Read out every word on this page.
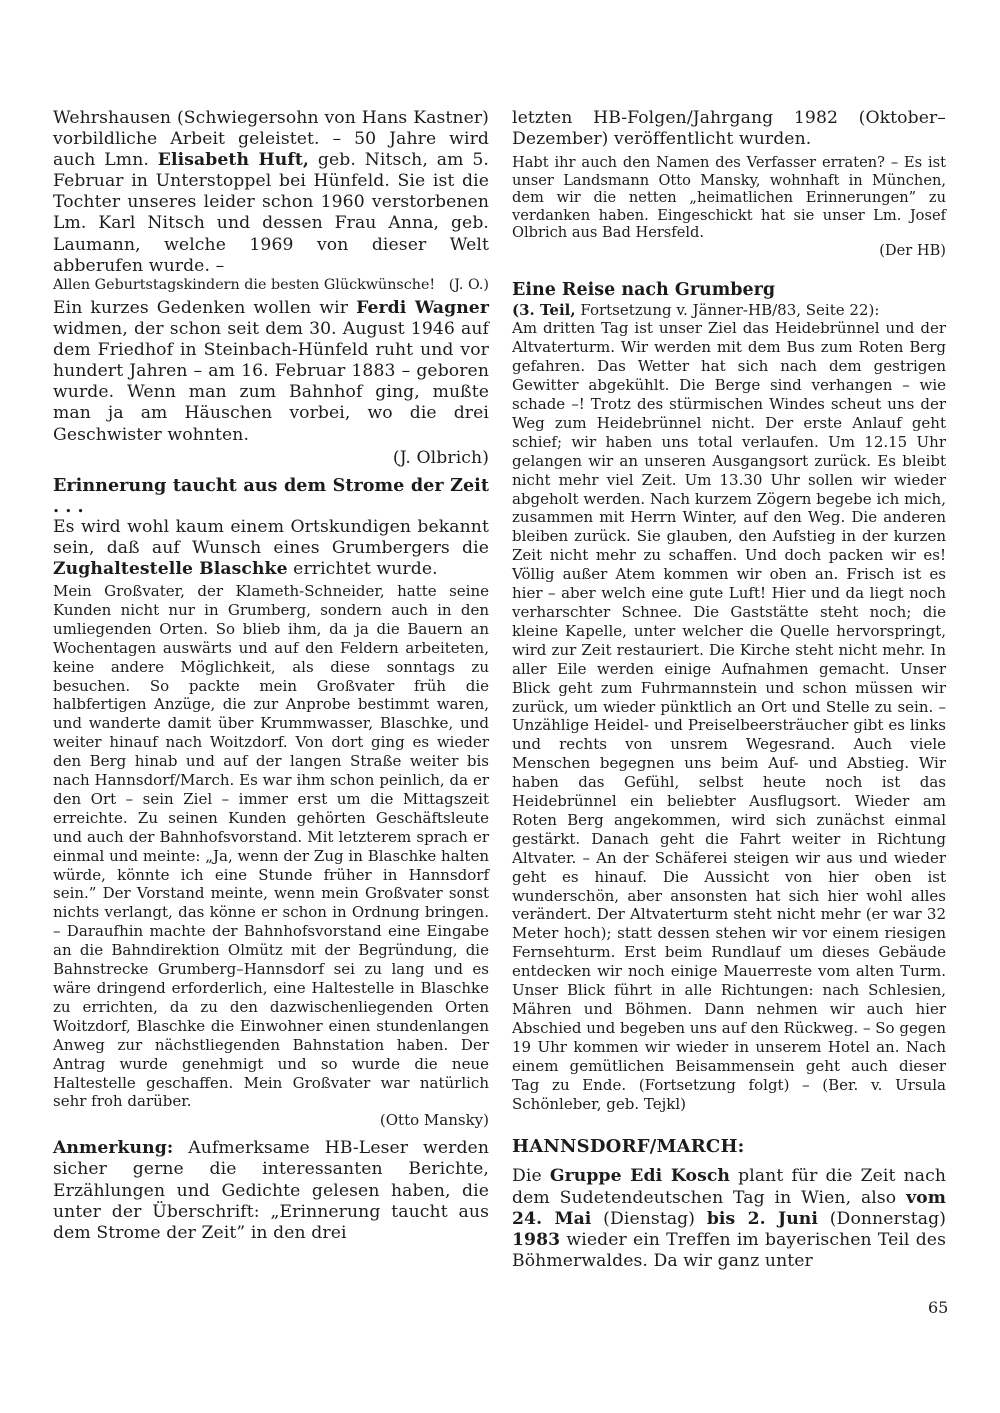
Wehrshausen (Schwiegersohn von Hans Kastner) vorbildliche Arbeit geleistet. – 50 Jahre wird auch Lmn. Elisabeth Huft, geb. Nitsch, am 5. Februar in Unterstoppel bei Hünfeld. Sie ist die Tochter unseres leider schon 1960 verstorbenen Lm. Karl Nitsch und dessen Frau Anna, geb. Laumann, welche 1969 von dieser Welt abberufen wurde. –

Allen Geburtstagskindern die besten Glückwünsche! (J. O.)

Ein kurzes Gedenken wollen wir Ferdi Wagner widmen, der schon seit dem 30. August 1946 auf dem Friedhof in Steinbach-Hünfeld ruht und vor hundert Jahren – am 16. Februar 1883 – geboren wurde. Wenn man zum Bahnhof ging, mußte man ja am Häuschen vorbei, wo die drei Geschwister wohnten.

(J. Olbrich)

Erinnerung taucht aus dem Strome der Zeit . . .

Es wird wohl kaum einem Ortskundigen bekannt sein, daß auf Wunsch eines Grumbergers die Zughaltestelle Blaschke errichtet wurde.

Mein Großvater, der Klameth-Schneider, hatte seine Kunden nicht nur in Grumberg, sondern auch in den umliegenden Orten. So blieb ihm, da ja die Bauern an Wochentagen auswärts und auf den Feldern arbeiteten, keine andere Möglichkeit, als diese sonntags zu besuchen. So packte mein Großvater früh die halbfertigen Anzüge, die zur Anprobe bestimmt waren, und wanderte damit über Krummwasser, Blaschke, und weiter hinauf nach Woitzdorf. Von dort ging es wieder den Berg hinab und auf der langen Straße weiter bis nach Hannsdorf/March. Es war ihm schon peinlich, da er den Ort – sein Ziel – immer erst um die Mittagszeit erreichte. Zu seinen Kunden gehörten Geschäftsleute und auch der Bahnhofsvorstand. Mit letzterem sprach er einmal und meinte: „Ja, wenn der Zug in Blaschke halten würde, könnte ich eine Stunde früher in Hannsdorf sein.” Der Vorstand meinte, wenn mein Großvater sonst nichts verlangt, das könne er schon in Ordnung bringen. – Daraufhin machte der Bahnhofsvorstand eine Eingabe an die Bahndirektion Olmütz mit der Begründung, die Bahnstrecke Grumberg–Hannsdorf sei zu lang und es wäre dringend erforderlich, eine Haltestelle in Blaschke zu errichten, da zu den dazwischenliegenden Orten Woitzdorf, Blaschke die Einwohner einen stundenlangen Anweg zur nächstliegenden Bahnstation haben. Der Antrag wurde genehmigt und so wurde die neue Haltestelle geschaffen. Mein Großvater war natürlich sehr froh darüber.

(Otto Mansky)

Anmerkung: Aufmerksame HB-Leser werden sicher gerne die interessanten Berichte, Erzählungen und Gedichte gelesen haben, die unter der Überschrift: „Erinnerung taucht aus dem Strome der Zeit” in den drei

letzten HB-Folgen/Jahrgang 1982 (Oktober–Dezember) veröffentlicht wurden.

Habt ihr auch den Namen des Verfasser erraten? – Es ist unser Landsmann Otto Mansky, wohnhaft in München, dem wir die netten „heimatlichen Erinnerungen” zu verdanken haben. Eingeschickt hat sie unser Lm. Josef Olbrich aus Bad Hersfeld.

(Der HB)

Eine Reise nach Grumberg

(3. Teil, Fortsetzung v. Jänner-HB/83, Seite 22):

Am dritten Tag ist unser Ziel das Heidebrünnel und der Altvaterturm. Wir werden mit dem Bus zum Roten Berg gefahren. Das Wetter hat sich nach dem gestrigen Gewitter abgekühlt. Die Berge sind verhangen – wie schade –! Trotz des stürmischen Windes scheut uns der Weg zum Heidebrünnel nicht. Der erste Anlauf geht schief; wir haben uns total verlaufen. Um 12.15 Uhr gelangen wir an unseren Ausgangsort zurück. Es bleibt nicht mehr viel Zeit. Um 13.30 Uhr sollen wir wieder abgeholt werden. Nach kurzem Zögern begebe ich mich, zusammen mit Herrn Winter, auf den Weg. Die anderen bleiben zurück. Sie glauben, den Aufstieg in der kurzen Zeit nicht mehr zu schaffen. Und doch packen wir es! Völlig außer Atem kommen wir oben an. Frisch ist es hier – aber welch eine gute Luft! Hier und da liegt noch verharschter Schnee. Die Gaststätte steht noch; die kleine Kapelle, unter welcher die Quelle hervorspringt, wird zur Zeit restauriert. Die Kirche steht nicht mehr. In aller Eile werden einige Aufnahmen gemacht. Unser Blick geht zum Fuhrmannstein und schon müssen wir zurück, um wieder pünktlich an Ort und Stelle zu sein. – Unzählige Heidel- und Preiselbeersträucher gibt es links und rechts von unsrem Wegesrand. Auch viele Menschen begegnen uns beim Auf- und Abstieg. Wir haben das Gefühl, selbst heute noch ist das Heidebrünnel ein beliebter Ausflugsort. Wieder am Roten Berg angekommen, wird sich zunächst einmal gestärkt. Danach geht die Fahrt weiter in Richtung Altvater. – An der Schäferei steigen wir aus und wieder geht es hinauf. Die Aussicht von hier oben ist wunderschön, aber ansonsten hat sich hier wohl alles verändert. Der Altvaterturm steht nicht mehr (er war 32 Meter hoch); statt dessen stehen wir vor einem riesigen Fernsehturm. Erst beim Rundlauf um dieses Gebäude entdecken wir noch einige Mauerreste vom alten Turm. Unser Blick führt in alle Richtungen: nach Schlesien, Mähren und Böhmen. Dann nehmen wir auch hier Abschied und begeben uns auf den Rückweg. – So gegen 19 Uhr kommen wir wieder in unserem Hotel an. Nach einem gemütlichen Beisammensein geht auch dieser Tag zu Ende. (Fortsetzung folgt) – (Ber. v. Ursula Schönleber, geb. Tejkl)

HANNSDORF/MARCH:

Die Gruppe Edi Kosch plant für die Zeit nach dem Sudetendeutschen Tag in Wien, also vom 24. Mai (Dienstag) bis 2. Juni (Donnerstag) 1983 wieder ein Treffen im bayerischen Teil des Böhmerwaldes. Da wir ganz unter

65
